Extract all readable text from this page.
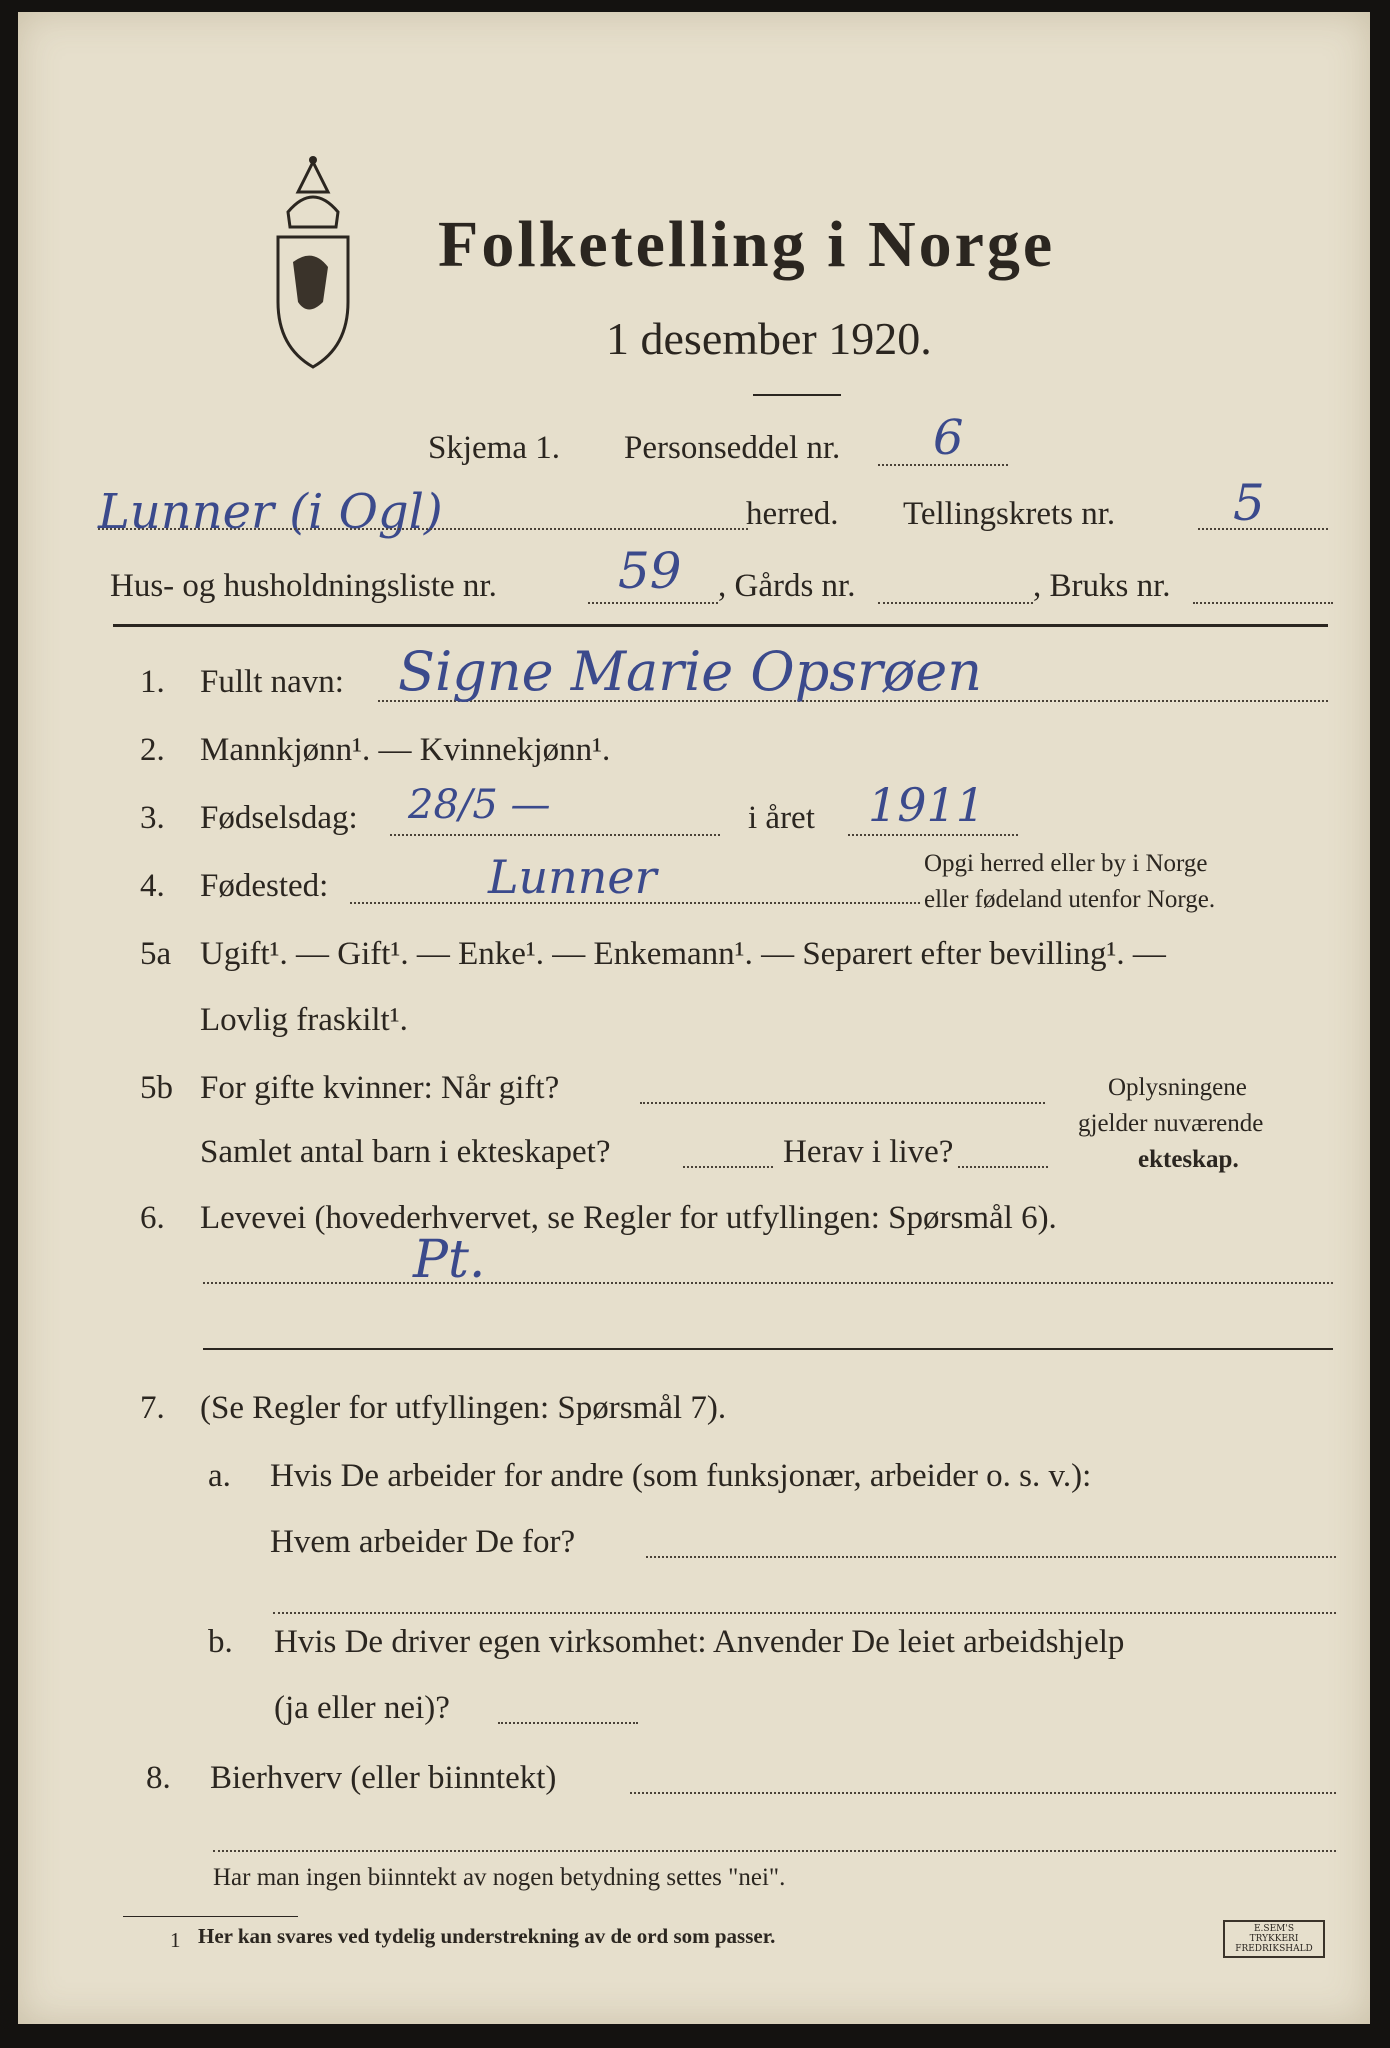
Folketelling i Norge
1 desember 1920.
Skjema 1. Personseddel nr. 6
Lunner (i Ogl)	herred. Tellingskrets nr. 5
Hus- og husholdningsliste nr. 59 , Gårds nr.	, Bruks nr.
1. Fullt navn: Signe Marie Opsrøen
2. Mannkjønn¹. — Kvinnekjønn¹.
3. Fødselsdag: 28/5 —	i året 1911
4. Fødested:	Lunner	Opgi herred eller by i Norge
eller fødeland utenfor Norge.
5a Ugift¹. — Gift¹. — Enke¹. — Enkemann¹. — Separert efter bevilling¹. —
Lovlig fraskilt¹.
5b For gifte kvinner: Når gift?
Samlet antal barn i ekteskapet?	Herav i live?
Oplysningene
gjelder nuværende
ekteskap.
6. Levevei (hovederhvervet, se Regler for utfyllingen: Spørsmål 6).
Pt.
7. (Se Regler for utfyllingen: Spørsmål 7).
a. Hvis De arbeider for andre (som funksjonær, arbeider o. s. v.):
Hvem arbeider De for?
b. Hvis De driver egen virksomhet: Anvender De leiet arbeidshjelp
(ja eller nei)?
8. Bierhverv (eller biinntekt)
Har man ingen biinntekt av nogen betydning settes "nei".
1 Her kan svares ved tydelig understrekning av de ord som passer.	E.SEM'S TRYKKERI
FREDRIKSHALD
